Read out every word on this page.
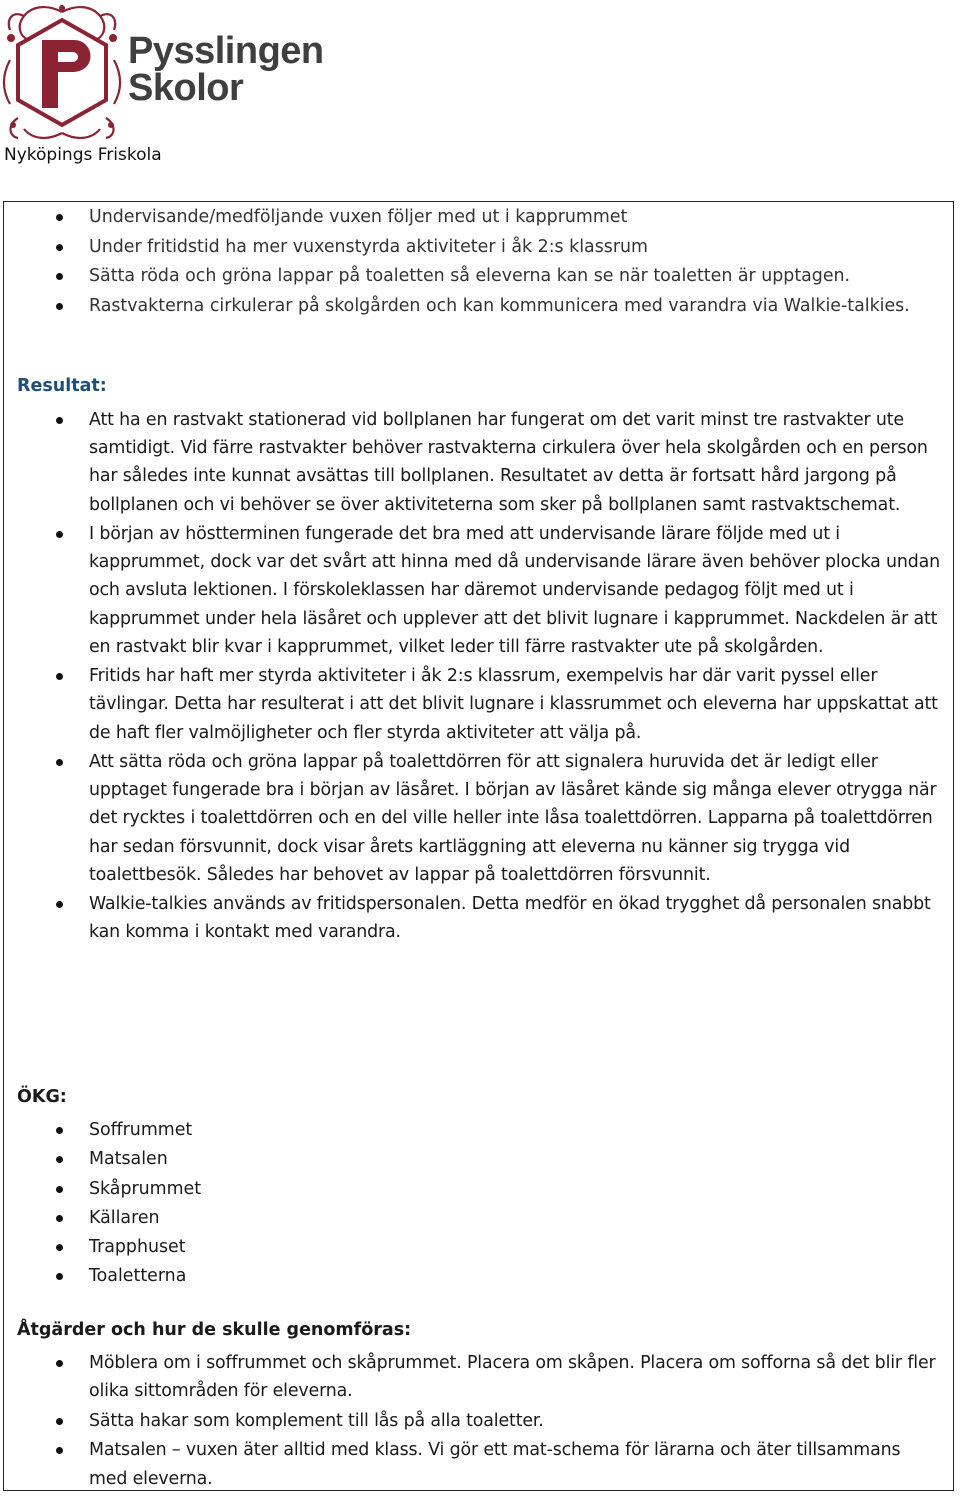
Pysslingen
Skolor
Nyköpings Friskola
Undervisande/medföljande vuxen följer med ut i kapprummet
Under fritidstid ha mer vuxenstyrda aktiviteter i åk 2:s klassrum
Sätta röda och gröna lappar på toaletten så eleverna kan se när toaletten är upptagen.
Rastvakterna cirkulerar på skolgården och kan kommunicera med varandra via Walkie-talkies.
Resultat:
Att ha en rastvakt stationerad vid bollplanen har fungerat om det varit minst tre rastvakter ute samtidigt. Vid färre rastvakter behöver rastvakterna cirkulera över hela skolgården och en person har således inte kunnat avsättas till bollplanen. Resultatet av detta är fortsatt hård jargong på bollplanen och vi behöver se över aktiviteterna som sker på bollplanen samt rastvaktschemat.
I början av höstterminen fungerade det bra med att undervisande lärare följde med ut i kapprummet, dock var det svårt att hinna med då undervisande lärare även behöver plocka undan och avsluta lektionen. I förskoleklassen har däremot undervisande pedagog följt med ut i kapprummet under hela läsåret och upplever att det blivit lugnare i kapprummet. Nackdelen är att en rastvakt blir kvar i kapprummet, vilket leder till färre rastvakter ute på skolgården.
Fritids har haft mer styrda aktiviteter i åk 2:s klassrum, exempelvis har där varit pyssel eller tävlingar. Detta har resulterat i att det blivit lugnare i klassrummet och eleverna har uppskattat att de haft fler valmöjligheter och fler styrda aktiviteter att välja på.
Att sätta röda och gröna lappar på toalettdörren för att signalera huruvida det är ledigt eller upptaget fungerade bra i början av läsåret. I början av läsåret kände sig många elever otrygga när det rycktes i toalettdörren och en del ville heller inte låsa toalettdörren. Lapparna på toalettdörren har sedan försvunnit, dock visar årets kartläggning att eleverna nu känner sig trygga vid toalettbesök. Således har behovet av lappar på toalettdörren försvunnit.
Walkie-talkies används av fritidspersonalen. Detta medför en ökad trygghet då personalen snabbt kan komma i kontakt med varandra.
ÖKG:
Soffrummet
Matsalen
Skåprummet
Källaren
Trapphuset
Toaletterna
Åtgärder och hur de skulle genomföras:
Möblera om i soffrummet och skåprummet. Placera om skåpen. Placera om sofforna så det blir fler olika sittområden för eleverna.
Sätta hakar som komplement till lås på alla toaletter.
Matsalen – vuxen äter alltid med klass. Vi gör ett mat-schema för lärarna och äter tillsammans med eleverna.
